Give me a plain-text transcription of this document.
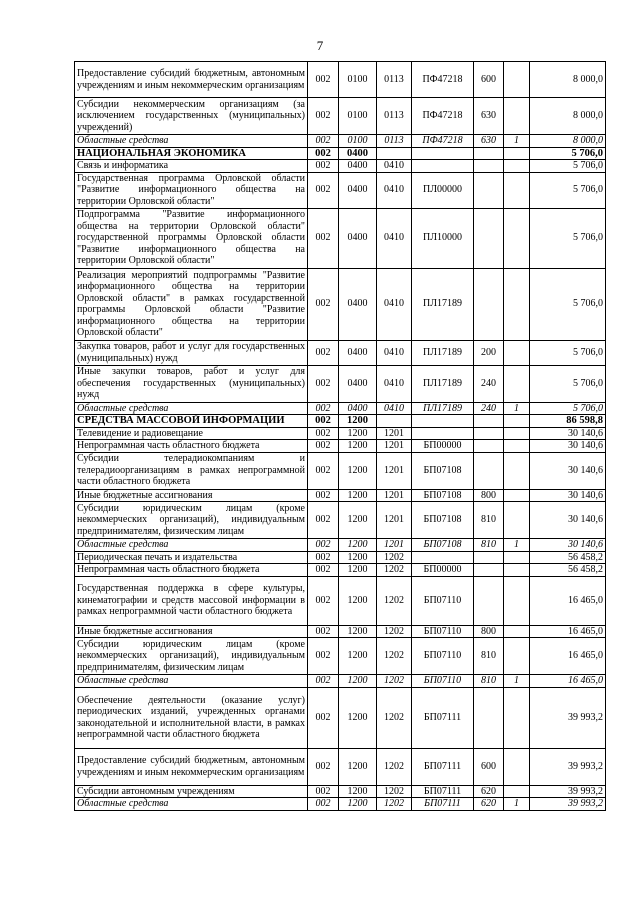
7
Предоставление субсидий бюджетным, автономным учреждениям и иным некоммерческим организациям	002	0100	0113	ПФ47218	600		8 000,0
Субсидии некоммерческим организациям (за исключением государственных (муниципальных) учреждений)	002	0100	0113	ПФ47218	630		8 000,0
Областные средства	002	0100	0113	ПФ47218	630	1	8 000,0
НАЦИОНАЛЬНАЯ ЭКОНОМИКА	002	0400					5 706,0
Связь и информатика	002	0400	0410				5 706,0
Государственная программа Орловской области "Развитие информационного общества на территории Орловской области"	002	0400	0410	ПЛ00000			5 706,0
Подпрограмма "Развитие информационного общества на территории Орловской области" государственной программы Орловской области "Развитие информационного общества на территории Орловской области"	002	0400	0410	ПЛ10000			5 706,0
Реализация мероприятий подпрограммы "Развитие информационного общества на территории Орловской области" в рамках государственной программы Орловской области "Развитие информационного общества на территории Орловской области"	002	0400	0410	ПЛ17189			5 706,0
Закупка товаров, работ и услуг для государственных (муниципальных) нужд	002	0400	0410	ПЛ17189	200		5 706,0
Иные закупки товаров, работ и услуг для обеспечения государственных (муниципальных) нужд	002	0400	0410	ПЛ17189	240		5 706,0
Областные средства	002	0400	0410	ПЛ17189	240	1	5 706,0
СРЕДСТВА МАССОВОЙ ИНФОРМАЦИИ	002	1200					86 598,8
Телевидение и радиовещание	002	1200	1201				30 140,6
Непрограммная часть областного бюджета	002	1200	1201	БП00000			30 140,6
Субсидии телерадиокомпаниям и телерадиоорганизациям в рамках непрограммной части областного бюджета	002	1200	1201	БП07108			30 140,6
Иные бюджетные ассигнования	002	1200	1201	БП07108	800		30 140,6
Субсидии юридическим лицам (кроме некоммерческих организаций), индивидуальным предпринимателям, физическим лицам	002	1200	1201	БП07108	810		30 140,6
Областные средства	002	1200	1201	БП07108	810	1	30 140,6
Периодическая печать и издательства	002	1200	1202				56 458,2
Непрограммная часть областного бюджета	002	1200	1202	БП00000			56 458,2
Государственная поддержка в сфере культуры, кинематографии и средств массовой информации в рамках непрограммной части областного бюджета	002	1200	1202	БП07110			16 465,0
Иные бюджетные ассигнования	002	1200	1202	БП07110	800		16 465,0
Субсидии юридическим лицам (кроме некоммерческих организаций), индивидуальным предпринимателям, физическим лицам	002	1200	1202	БП07110	810		16 465,0
Областные средства	002	1200	1202	БП07110	810	1	16 465,0
Обеспечение деятельности (оказание услуг) периодических изданий, учрежденных органами законодательной и исполнительной власти, в рамках непрограммной части областного бюджета	002	1200	1202	БП07111			39 993,2
Предоставление субсидий бюджетным, автономным учреждениям и иным некоммерческим организациям	002	1200	1202	БП07111	600		39 993,2
Субсидии автономным учреждениям	002	1200	1202	БП07111	620		39 993,2
Областные средства	002	1200	1202	БП07111	620	1	39 993,2
